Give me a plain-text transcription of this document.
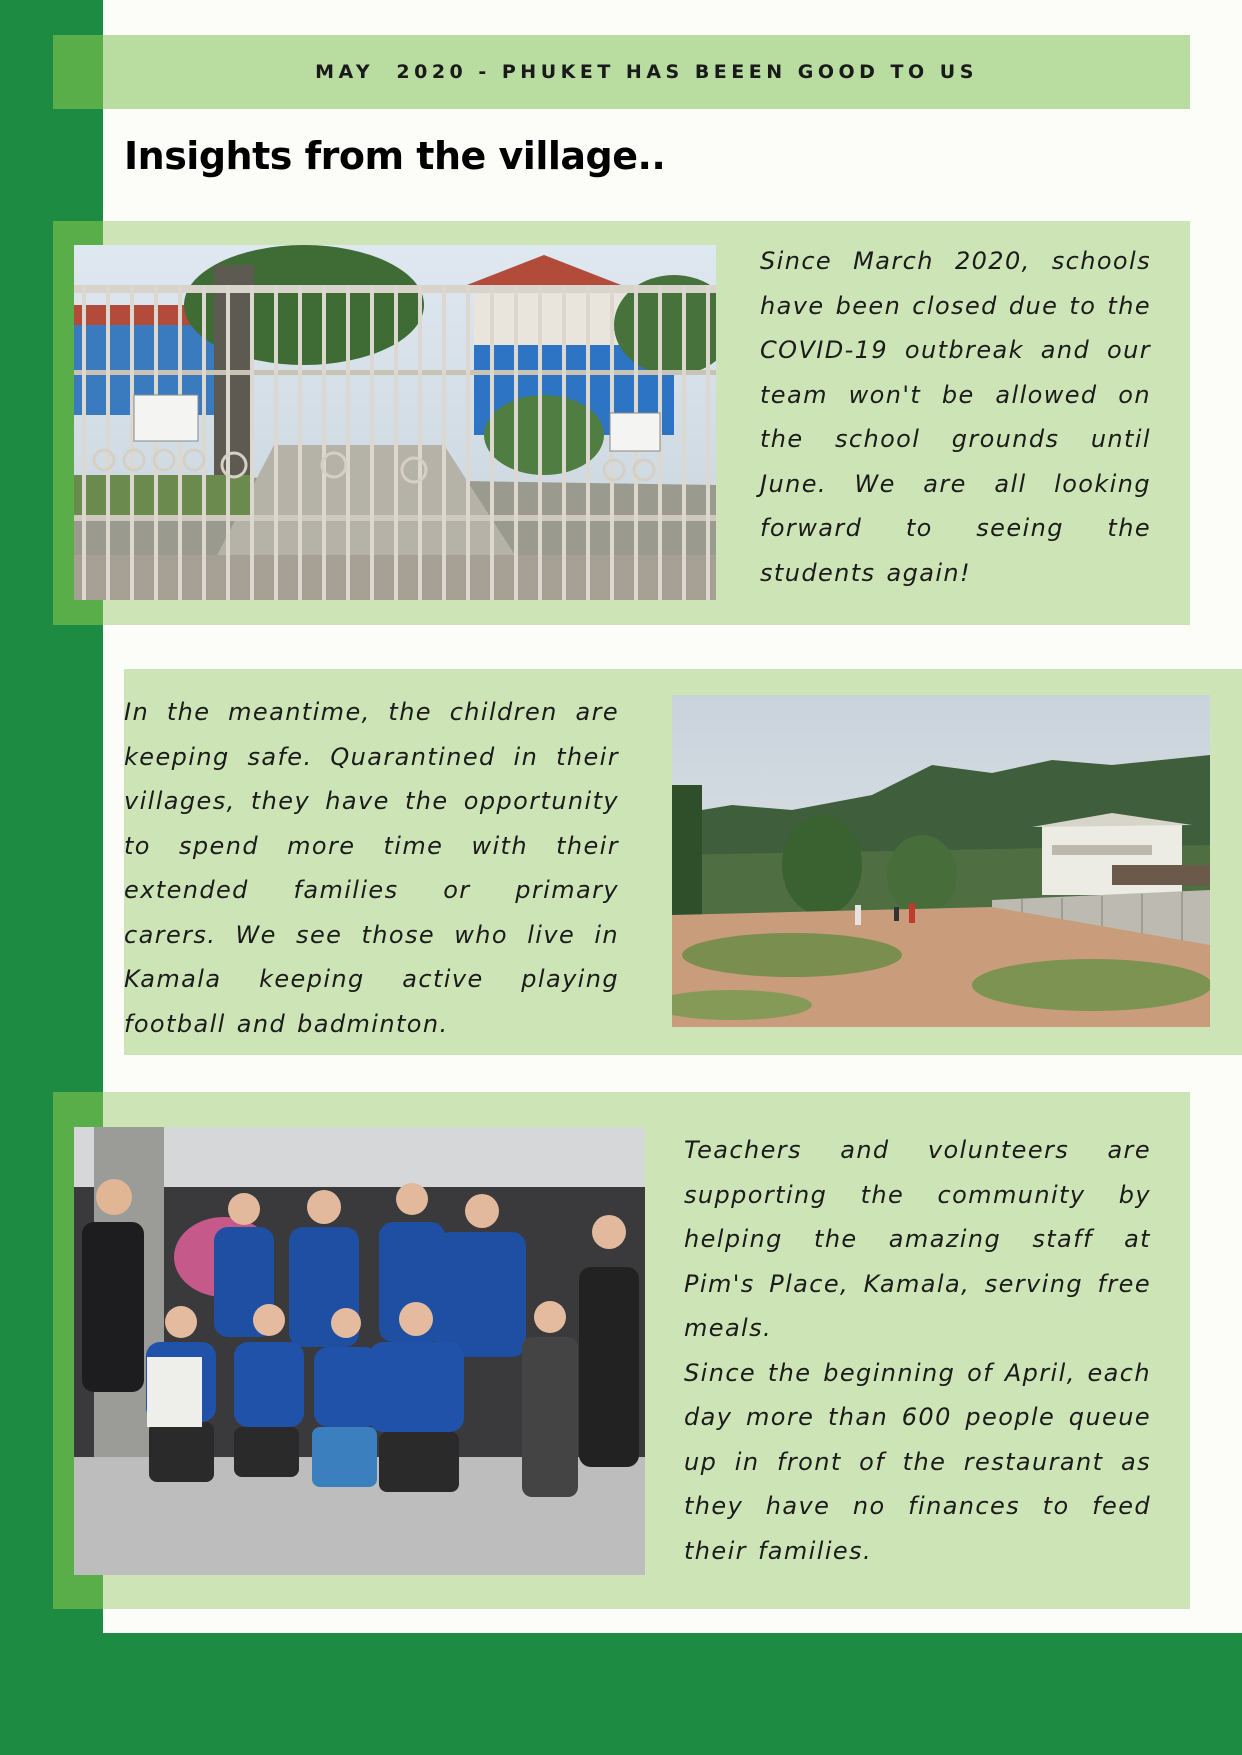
MAY  2020 - PHUKET HAS BEEEN GOOD TO US
Insights from the village..
Since March 2020, schools have been closed due to the COVID-19 outbreak and our team won't be allowed on the school grounds until June. We are all looking forward to seeing the students again!
In the meantime, the children are keeping safe. Quarantined in their villages, they have the opportunity to spend more time with their extended families or primary carers. We see those who live in Kamala keeping active playing football and badminton.
Teachers and volunteers are supporting the community by helping the amazing staff at Pim's Place, Kamala, serving free meals.
Since the beginning of April, each day more than 600 people queue up in front of the restaurant as they have no finances to feed their families.
